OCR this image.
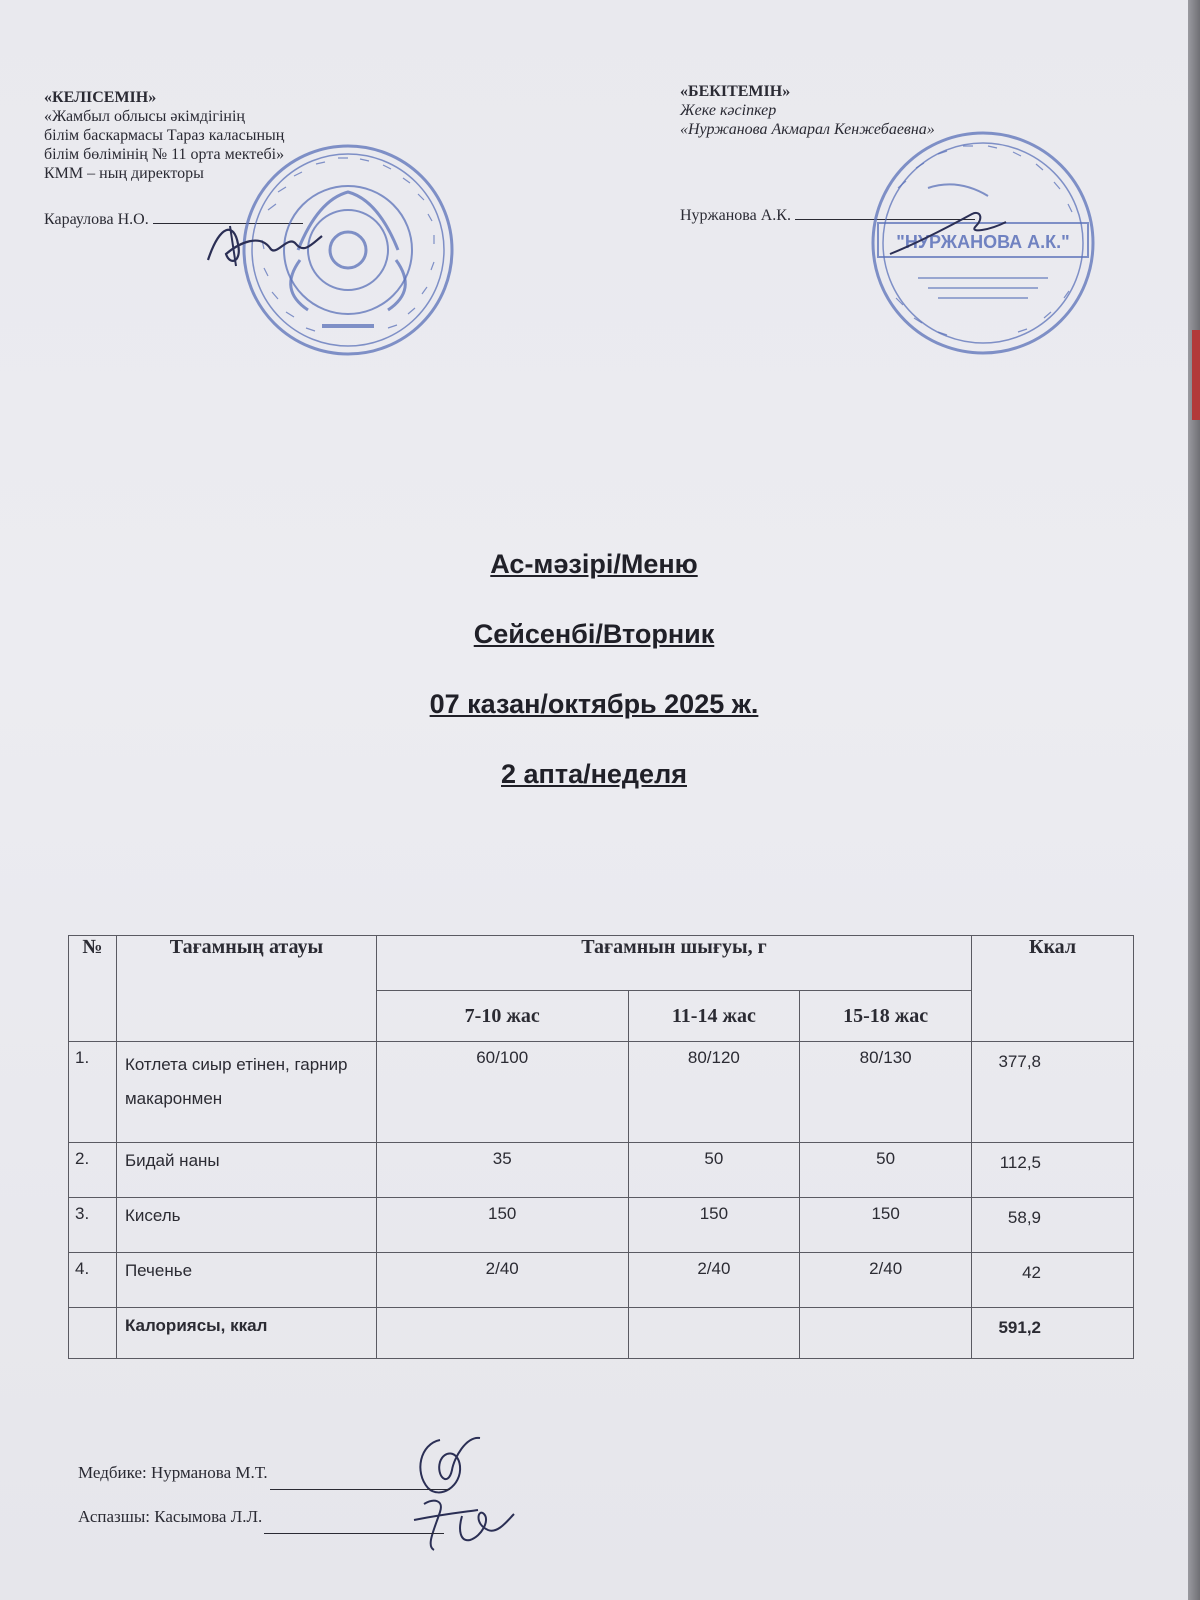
«КЕЛІСЕМІН»
«Жамбыл облысы әкімдігінің
білім баскармасы Тараз каласының
білім бөлімінің № 11 орта мектебі»
КММ – ның директоры
Караулова Н.О.
«БЕКІТЕМІН»
Жеке кәсіпкер
«Нуржанова Акмарал Кенжебаевна»
Нуржанова А.К.
"НУРЖАНОВА А.К."
Ас-мәзірі/Меню
Сейсенбі/Вторник
07 казан/октябрь 2025 ж.
2 апта/неделя
№	Тағамның атауы	Тағамнын шығуы, г			Ккал
		7-10 жас	11-14 жас	15-18 жас	
1.	Котлета сиыр етінен, гарнир макаронмен	60/100	80/120	80/130	377,8
2.	Бидай наны	35	50	50	112,5
3.	Кисель	150	150	150	58,9
4.	Печенье	2/40	2/40	2/40	42
	Калориясы, ккал				591,2
Медбике: Нурманова М.Т.
Аспазшы: Касымова Л.Л.
